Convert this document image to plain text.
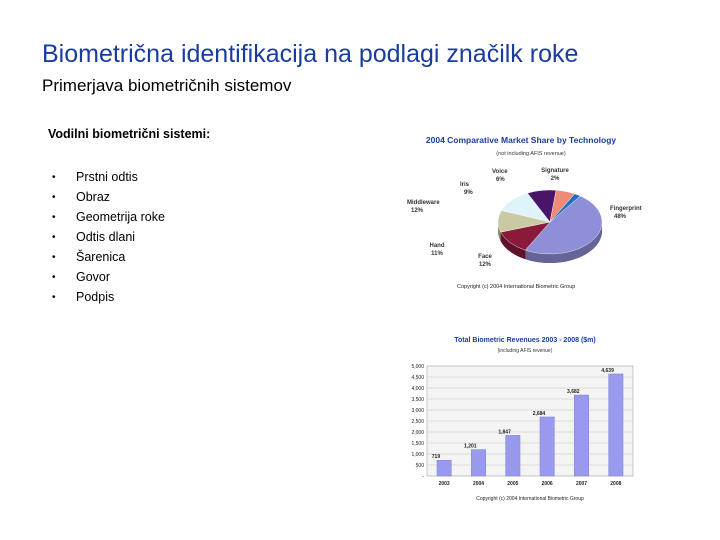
Biometrična identifikacija na podlagi značilk roke
Primerjava biometričnih sistemov
Vodilni biometrični sistemi:
•	Prstni odtis
•	Obraz
•	Geometrija roke
•	Odtis dlani
•	Šarenica
•	Govor
•	Podpis
2004 Comparative Market Share by Technology
(not including AFIS revenue)
Fingerprint
48%
Face
12%
Hand
11%
Middleware
12%
Iris
9%
Voice
6%
Signature
2%
Copyright (c) 2004 International Biometric Group
Total Biometric Revenues 2003 - 2008 ($m)
(including AFIS revenue)
5,000
4,500
4,000
3,500
3,000
2,500
2,000
1,500
1,000
500
-
719
1,201
1,847
2,684
3,682
4,639
2003	2004	2005	2006	2007	2008
Copyright (c) 2004 International Biometric Group
